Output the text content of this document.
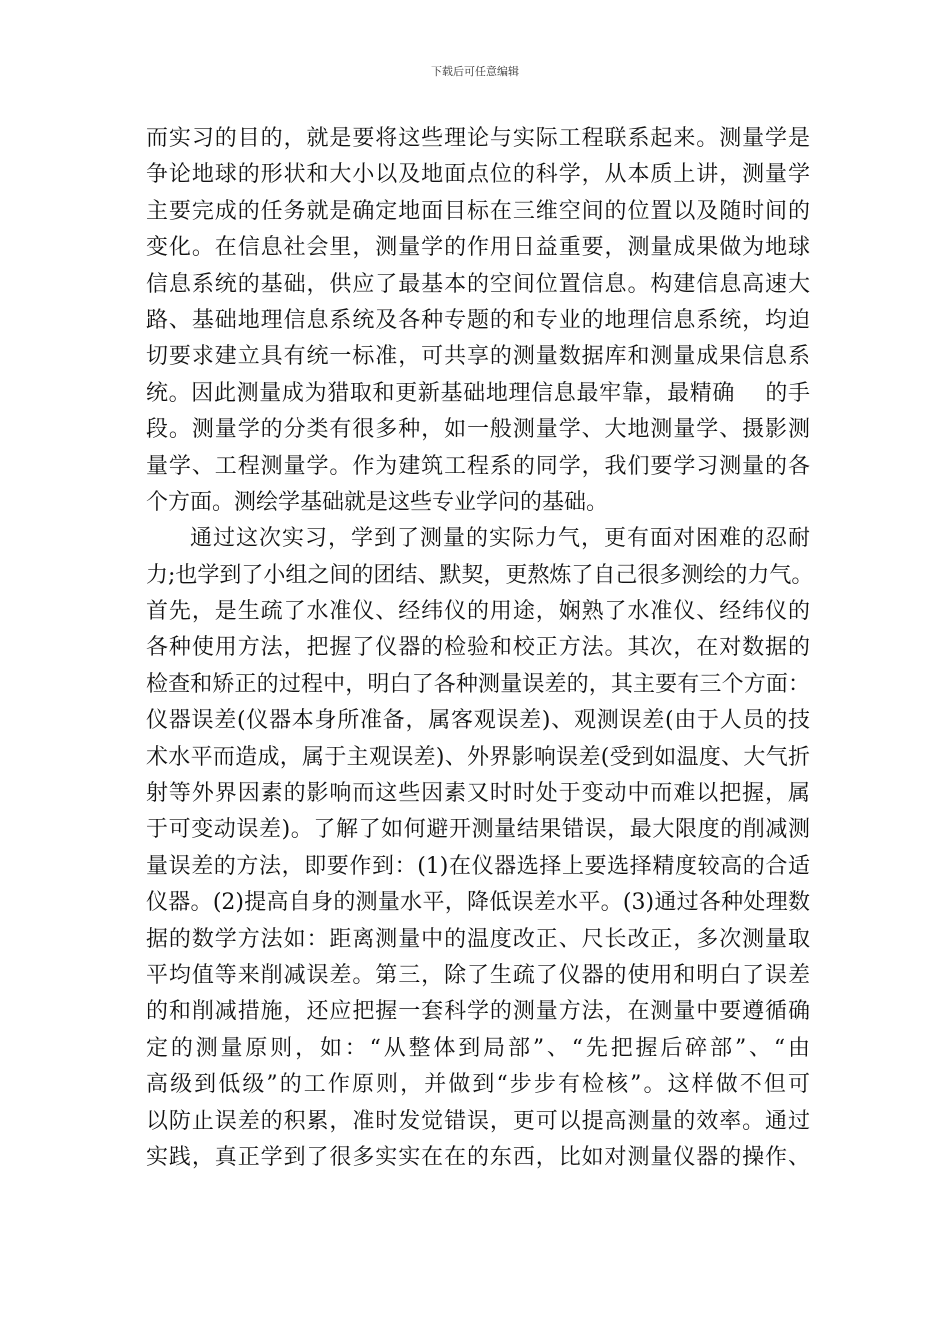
下载后可任意编辑
而实习的目的，就是要将这些理论与实际工程联系起来。测量学是
争论地球的形状和大小以及地面点位的科学，从本质上讲，测量学
主要完成的任务就是确定地面目标在三维空间的位置以及随时间的
变化。在信息社会里，测量学的作用日益重要，测量成果做为地球
信息系统的基础，供应了最基本的空间位置信息。构建信息高速大
路、基础地理信息系统及各种专题的和专业的地理信息系统，均迫
切要求建立具有统一标准，可共享的测量数据库和测量成果信息系
统。因此测量成为猎取和更新基础地理信息最牢靠，最精确　 的手
段。测量学的分类有很多种，如一般测量学、大地测量学、摄影测
量学、工程测量学。作为建筑工程系的同学，我们要学习测量的各
个方面。测绘学基础就是这些专业学问的基础。
通过这次实习，学到了测量的实际力气，更有面对困难的忍耐
力;也学到了小组之间的团结、默契，更熬炼了自己很多测绘的力气。
首先，是生疏了水准仪、经纬仪的用途，娴熟了水准仪、经纬仪的
各种使用方法，把握了仪器的检验和校正方法。其次，在对数据的
检查和矫正的过程中，明白了各种测量误差的，其主要有三个方面：
仪器误差(仪器本身所准备，属客观误差)、观测误差(由于人员的技
术水平而造成，属于主观误差)、外界影响误差(受到如温度、大气折
射等外界因素的影响而这些因素又时时处于变动中而难以把握，属
于可变动误差)。了解了如何避开测量结果错误，最大限度的削减测
量误差的方法，即要作到：(1)在仪器选择上要选择精度较高的合适
仪器。(2)提高自身的测量水平，降低误差水平。(3)通过各种处理数
据的数学方法如：距离测量中的温度改正、尺长改正，多次测量取
平均值等来削减误差。第三，除了生疏了仪器的使用和明白了误差
的和削减措施，还应把握一套科学的测量方法，在测量中要遵循确
定的测量原则，如：“从整体到局部”、“先把握后碎部”、“由
高级到低级”的工作原则，并做到“步步有检核”。这样做不但可
以防止误差的积累，准时发觉错误，更可以提高测量的效率。通过
实践，真正学到了很多实实在在的东西，比如对测量仪器的操作、
